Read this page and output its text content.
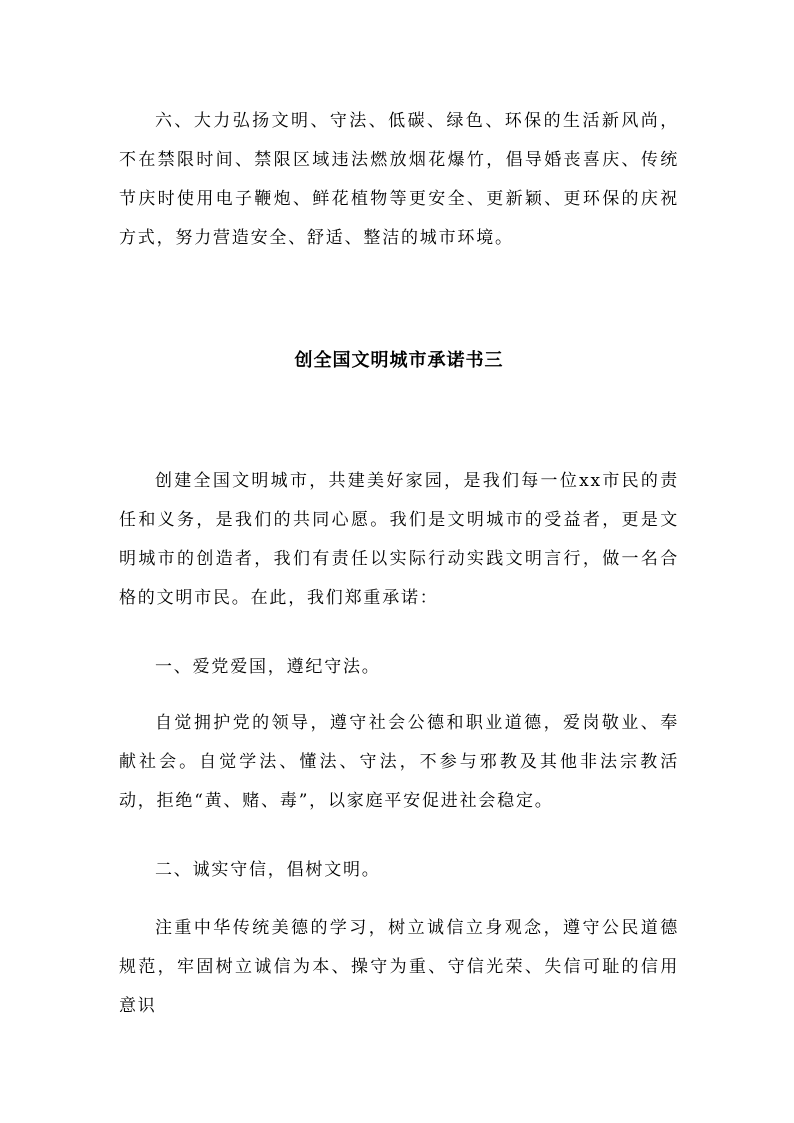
六、大力弘扬文明、守法、低碳、绿色、环保的生活新风尚，不在禁限时间、禁限区域违法燃放烟花爆竹，倡导婚丧喜庆、传统节庆时使用电子鞭炮、鲜花植物等更安全、更新颖、更环保的庆祝方式，努力营造安全、舒适、整洁的城市环境。

创全国文明城市承诺书三

创建全国文明城市，共建美好家园，是我们每一位xx市民的责任和义务，是我们的共同心愿。我们是文明城市的受益者，更是文明城市的创造者，我们有责任以实际行动实践文明言行，做一名合格的文明市民。在此，我们郑重承诺：

一、爱党爱国，遵纪守法。

自觉拥护党的领导，遵守社会公德和职业道德，爱岗敬业、奉献社会。自觉学法、懂法、守法，不参与邪教及其他非法宗教活动，拒绝“黄、赌、毒”，以家庭平安促进社会稳定。

二、诚实守信，倡树文明。

注重中华传统美德的学习，树立诚信立身观念，遵守公民道德规范，牢固树立诚信为本、操守为重、守信光荣、失信可耻的信用意识
